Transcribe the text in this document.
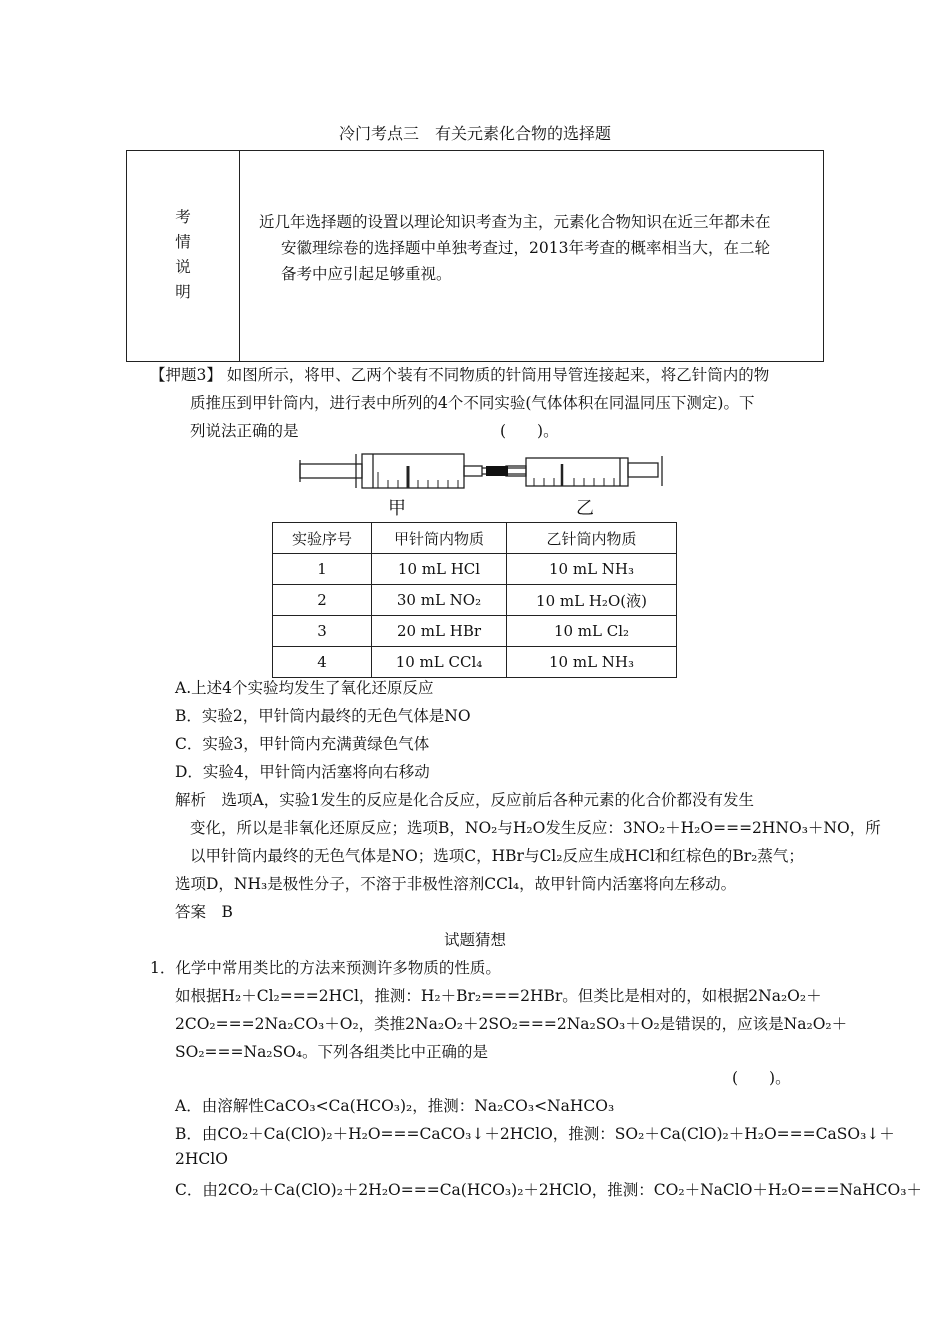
冷门考点三　有关元素化合物的选择题
考
情
说
明
近几年选择题的设置以理论知识考查为主，元素化合物知识在近三年都未在
安徽理综卷的选择题中单独考查过，2013年考查的概率相当大，在二轮
备考中应引起足够重视。
【押题3】 如图所示，将甲、乙两个装有不同物质的针筒用导管连接起来，将乙针筒内的物
质推压到甲针筒内，进行表中所列的4个不同实验(气体体积在同温同压下测定)。下
列说法正确的是　　　　　　　　　　　　　(　　)。
甲	乙
实验序号	甲针筒内物质	乙针筒内物质
1	10 mL HCl	10 mL NH₃
2	30 mL NO₂	10 mL H₂O(液)
3	20 mL HBr	10 mL Cl₂
4	10 mL CCl₄	10 mL NH₃
A.上述4个实验均发生了氧化还原反应
B．实验2，甲针筒内最终的无色气体是NO
C．实验3，甲针筒内充满黄绿色气体
D．实验4，甲针筒内活塞将向右移动
解析　选项A，实验1发生的反应是化合反应，反应前后各种元素的化合价都没有发生
变化，所以是非氧化还原反应；选项B，NO₂与H₂O发生反应：3NO₂＋H₂O===2HNO₃＋NO，所
以甲针筒内最终的无色气体是NO；选项C，HBr与Cl₂反应生成HCl和红棕色的Br₂蒸气；
选项D，NH₃是极性分子，不溶于非极性溶剂CCl₄，故甲针筒内活塞将向左移动。
答案　B
试题猜想
1．化学中常用类比的方法来预测许多物质的性质。
如根据H₂＋Cl₂===2HCl，推测：H₂＋Br₂===2HBr。但类比是相对的，如根据2Na₂O₂＋
2CO₂===2Na₂CO₃＋O₂，类推2Na₂O₂＋2SO₂===2Na₂SO₃＋O₂是错误的，应该是Na₂O₂＋
SO₂===Na₂SO₄。下列各组类比中正确的是
(　　)。
A．由溶解性CaCO₃<Ca(HCO₃)₂，推测：Na₂CO₃<NaHCO₃
B．由CO₂＋Ca(ClO)₂＋H₂O===CaCO₃↓＋2HClO，推测：SO₂＋Ca(ClO)₂＋H₂O===CaSO₃↓＋
2HClO
C．由2CO₂＋Ca(ClO)₂＋2H₂O===Ca(HCO₃)₂＋2HClO，推测：CO₂＋NaClO＋H₂O===NaHCO₃＋
